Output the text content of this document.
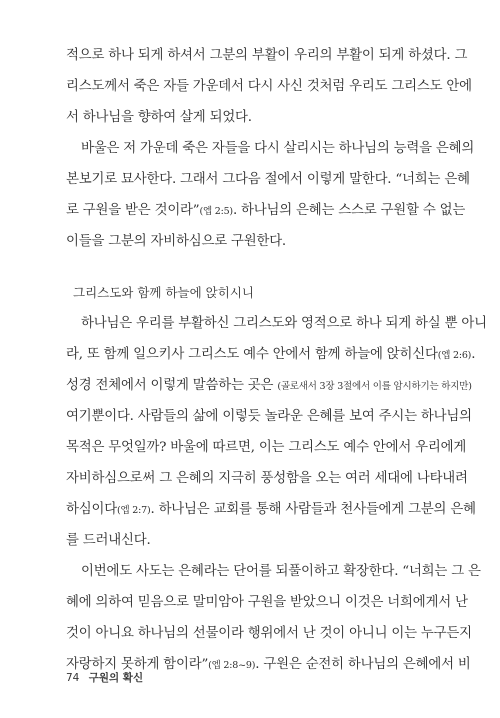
적으로 하나 되게 하셔서 그분의 부활이 우리의 부활이 되게 하셨다. 그
리스도께서 죽은 자들 가운데서 다시 사신 것처럼 우리도 그리스도 안에
서 하나님을 향하여 살게 되었다.
바울은 저 가운데 죽은 자들을 다시 살리시는 하나님의 능력을 은혜의
본보기로 묘사한다. 그래서 그다음 절에서 이렇게 말한다. “너희는 은혜
로 구원을 받은 것이라”(엡 2:5). 하나님의 은혜는 스스로 구원할 수 없는
이들을 그분의 자비하심으로 구원한다.
그리스도와 함께 하늘에 앉히시니
하나님은 우리를 부활하신 그리스도와 영적으로 하나 되게 하실 뿐 아니
라, 또 함께 일으키사 그리스도 예수 안에서 함께 하늘에 앉히신다(엡 2:6).
성경 전체에서 이렇게 말씀하는 곳은 (골로새서 3장 3절에서 이를 암시하기는 하지만)
여기뿐이다. 사람들의 삶에 이렇듯 놀라운 은혜를 보여 주시는 하나님의
목적은 무엇일까? 바울에 따르면, 이는 그리스도 예수 안에서 우리에게
자비하심으로써 그 은혜의 지극히 풍성함을 오는 여러 세대에 나타내려
하심이다(엡 2:7). 하나님은 교회를 통해 사람들과 천사들에게 그분의 은혜
를 드러내신다.
이번에도 사도는 은혜라는 단어를 되풀이하고 확장한다. “너희는 그 은
혜에 의하여 믿음으로 말미암아 구원을 받았으니 이것은 너희에게서 난
것이 아니요 하나님의 선물이라 행위에서 난 것이 아니니 이는 누구든지
자랑하지 못하게 함이라”(엡 2:8~9). 구원은 순전히 하나님의 은혜에서 비
74 구원의 확신
